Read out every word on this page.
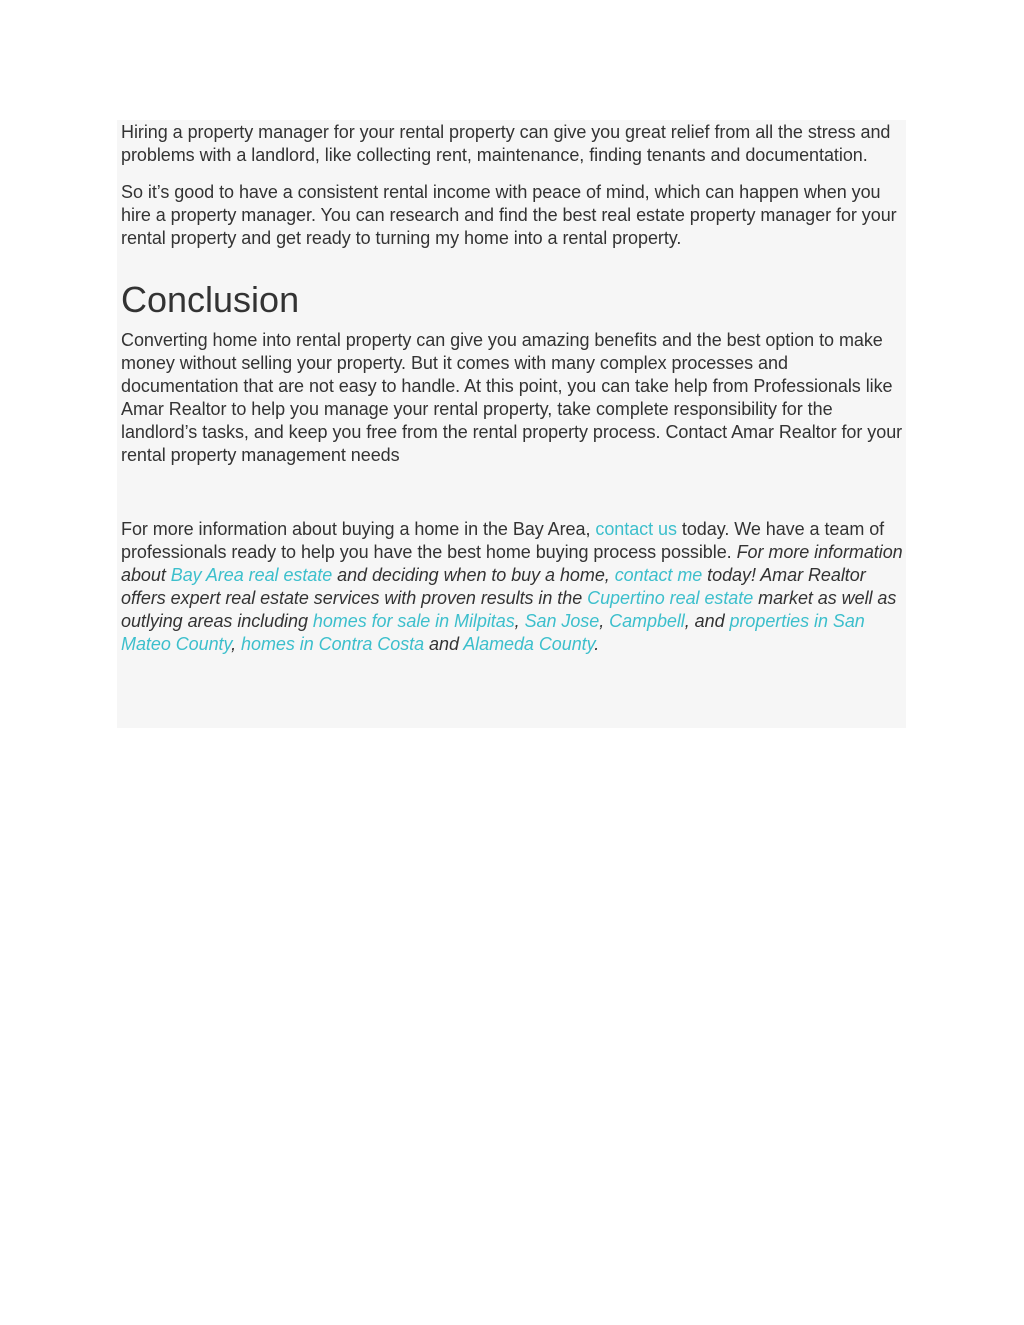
Hiring a property manager for your rental property can give you great relief from all the stress and problems with a landlord, like collecting rent, maintenance, finding tenants and documentation.

So it’s good to have a consistent rental income with peace of mind, which can happen when you hire a property manager. You can research and find the best real estate property manager for your rental property and get ready to turning my home into a rental property.

Conclusion

Converting home into rental property can give you amazing benefits and the best option to make money without selling your property. But it comes with many complex processes and documentation that are not easy to handle. At this point, you can take help from Professionals like Amar Realtor to help you manage your rental property, take complete responsibility for the landlord’s tasks, and keep you free from the rental property process. Contact Amar Realtor for your rental property management needs

For more information about buying a home in the Bay Area, contact us today. We have a team of professionals ready to help you have the best home buying process possible. For more information about Bay Area real estate and deciding when to buy a home, contact me today! Amar Realtor offers expert real estate services with proven results in the Cupertino real estate market as well as outlying areas including homes for sale in Milpitas, San Jose, Campbell, and properties in San Mateo County, homes in Contra Costa and Alameda County.
